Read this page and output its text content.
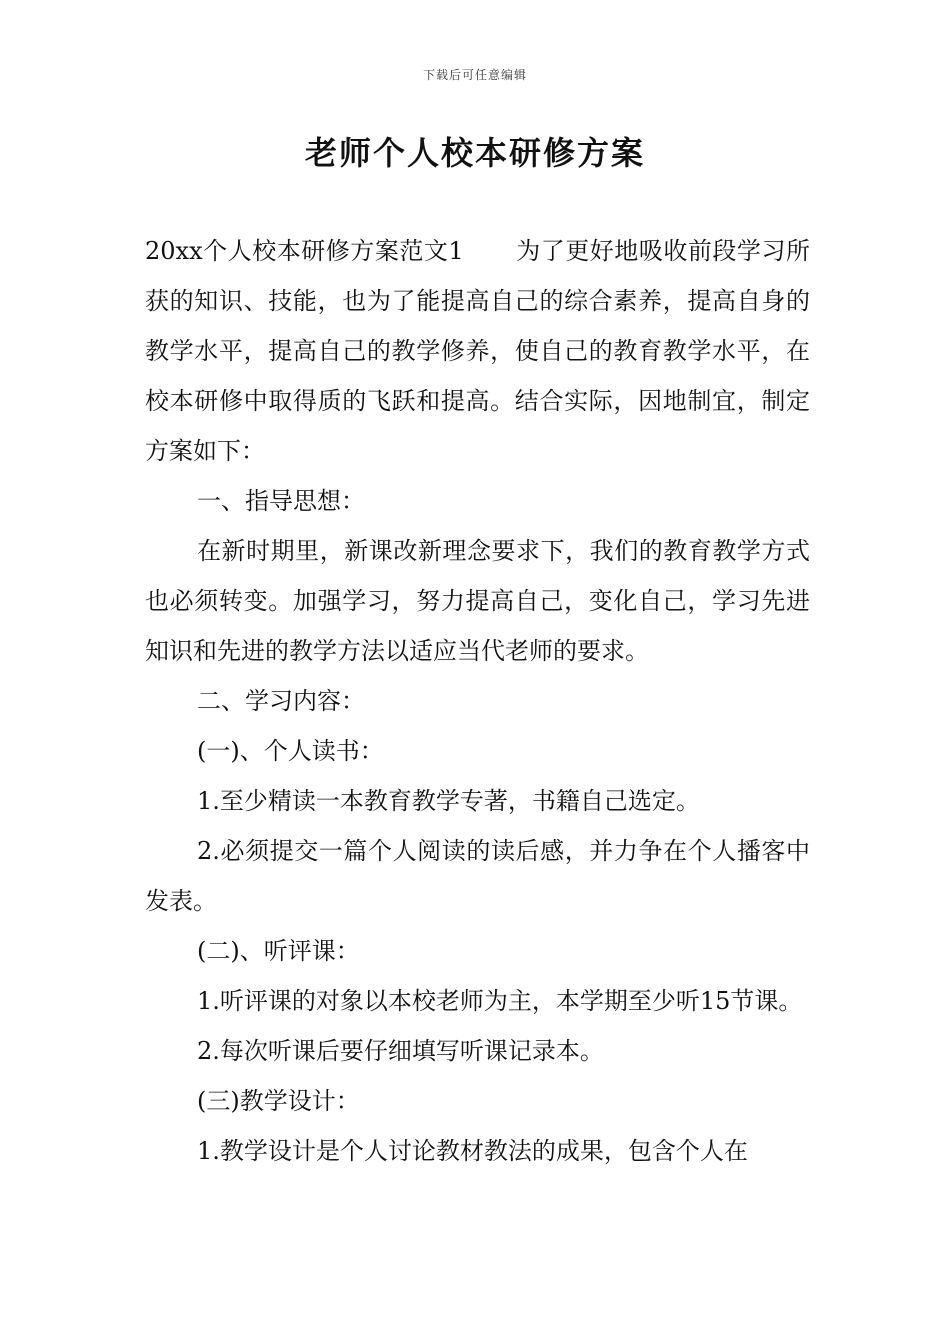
下载后可任意编辑
老师个人校本研修方案

20xx个人校本研修方案范文1 为了更好地吸收前段学习所获的知识、技能，也为了能提高自己的综合素养，提高自身的教学水平，提高自己的教学修养，使自己的教育教学水平，在校本研修中取得质的飞跃和提高。结合实际，因地制宜，制定方案如下：

一、指导思想：

在新时期里，新课改新理念要求下，我们的教育教学方式也必须转变。加强学习，努力提高自己，变化自己，学习先进知识和先进的教学方法以适应当代老师的要求。

二、学习内容：

(一)、个人读书：

1.至少精读一本教育教学专著，书籍自己选定。

2.必须提交一篇个人阅读的读后感，并力争在个人播客中发表。

(二)、听评课：

1.听评课的对象以本校老师为主，本学期至少听15节课。

2.每次听课后要仔细填写听课记录本。

(三)教学设计：

1.教学设计是个人讨论教材教法的成果，包含个人在
